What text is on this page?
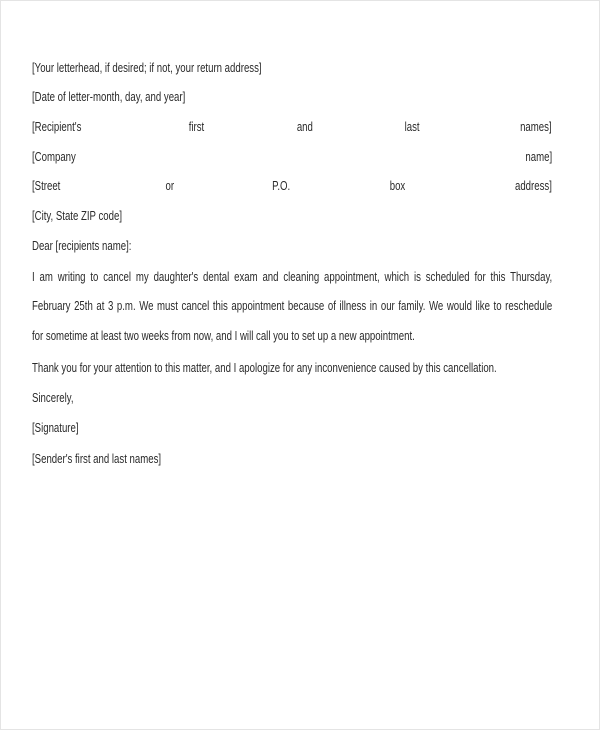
[Your letterhead, if desired; if not, your return address]
[Date of letter-month, day, and year]
[Recipient's	first	and	last	names]
[Company	name]
[Street	or	P.O.	box	address]
[City, State ZIP code]
Dear [recipients name]:
I am writing to cancel my daughter's dental exam and cleaning appointment, which is scheduled for this Thursday,
February 25th at 3 p.m. We must cancel this appointment because of illness in our family. We would like to reschedule
for sometime at least two weeks from now, and I will call you to set up a new appointment.
Thank you for your attention to this matter, and I apologize for any inconvenience caused by this cancellation.
Sincerely,
[Signature]
[Sender's first and last names]
